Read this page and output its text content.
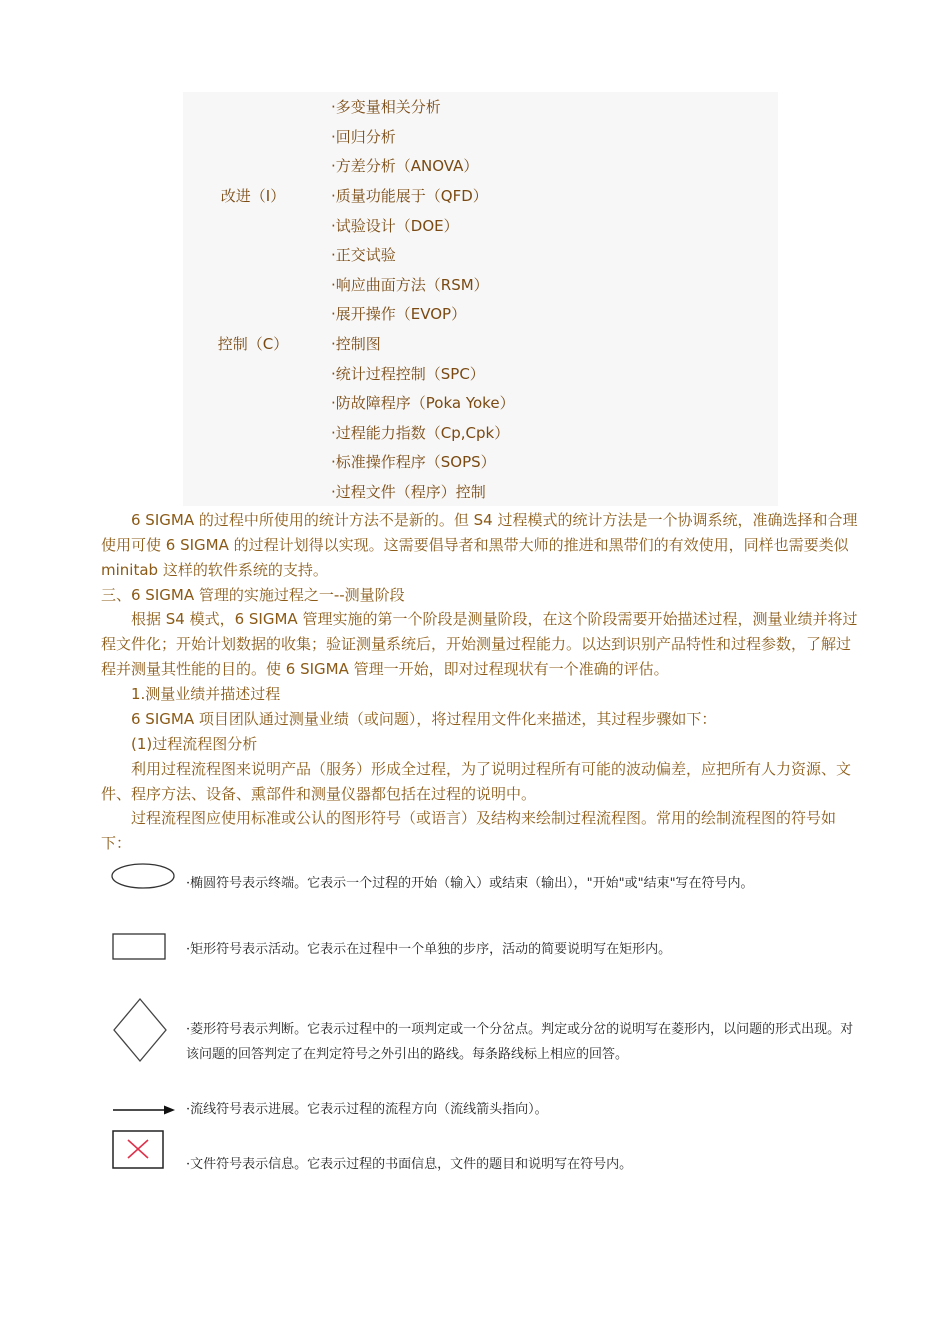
改进（I）
控制（C）
·多变量相关分析
·回归分析
·方差分析（ANOVA）
·质量功能展于（QFD）
·试验设计（DOE）
·正交试验
·响应曲面方法（RSM）
·展开操作（EVOP）
·控制图
·统计过程控制（SPC）
·防故障程序（Poka Yoke）
·过程能力指数（Cp,Cpk）
·标准操作程序（SOPS）
·过程文件（程序）控制

6 SIGMA 的过程中所使用的统计方法不是新的。但 S4 过程模式的统计方法是一个协调系统，准确选择和合理使用可使 6 SIGMA 的过程计划得以实现。这需要倡导者和黑带大师的推进和黑带们的有效使用，同样也需要类似 minitab 这样的软件系统的支持。

三、6 SIGMA 管理的实施过程之一--测量阶段

根据 S4 模式，6 SIGMA 管理实施的第一个阶段是测量阶段，在这个阶段需要开始描述过程，测量业绩并将过程文件化；开始计划数据的收集；验证测量系统后，开始测量过程能力。以达到识别产品特性和过程参数，了解过程并测量其性能的目的。使 6 SIGMA 管理一开始，即对过程现状有一个准确的评估。

1.测量业绩并描述过程
6 SIGMA 项目团队通过测量业绩（或问题），将过程用文件化来描述，其过程步骤如下：
(1)过程流程图分析

利用过程流程图来说明产品（服务）形成全过程，为了说明过程所有可能的波动偏差，应把所有人力资源、文件、程序方法、设备、熏部件和测量仪器都包括在过程的说明中。

过程流程图应使用标准或公认的图形符号（或语言）及结构来绘制过程流程图。常用的绘制流程图的符号如下：

·椭圆符号表示终端。它表示一个过程的开始（输入）或结束（输出），"开始"或"结束"写在符号内。
·矩形符号表示活动。它表示在过程中一个单独的步序，活动的简要说明写在矩形内。
·菱形符号表示判断。它表示过程中的一项判定或一个分岔点。判定或分岔的说明写在菱形内，以问题的形式出现。对该问题的回答判定了在判定符号之外引出的路线。每条路线标上相应的回答。
·流线符号表示进展。它表示过程的流程方向（流线箭头指向）。
·文件符号表示信息。它表示过程的书面信息，文件的题目和说明写在符号内。
